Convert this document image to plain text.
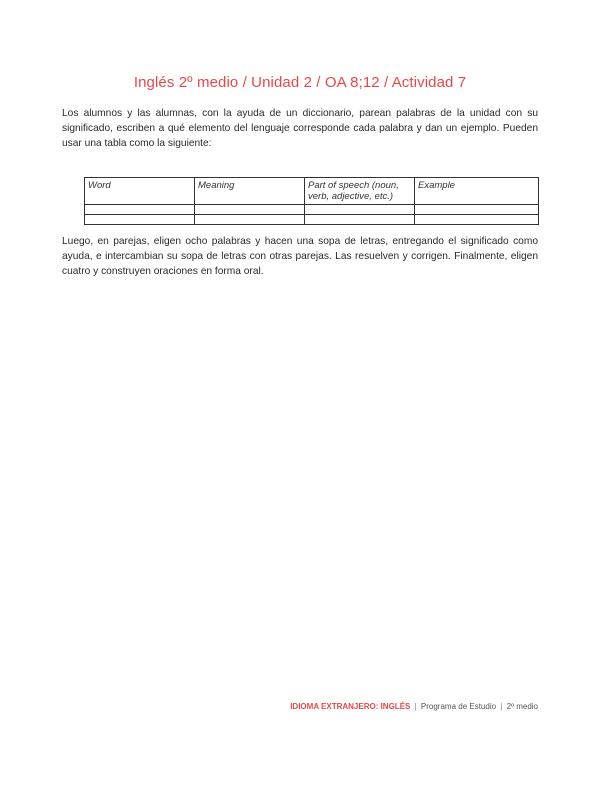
Inglés 2º medio / Unidad 2 / OA 8;12 / Actividad 7

Los alumnos y las alumnas, con la ayuda de un diccionario, parean palabras de la unidad con su significado, escriben a qué elemento del lenguaje corresponde cada palabra y dan un ejemplo. Pueden usar una tabla como la siguiente:

Word	Meaning	Part of speech (noun, verb, adjective, etc.)	Example

Luego, en parejas, eligen ocho palabras y hacen una sopa de letras, entregando el significado como ayuda, e intercambian su sopa de letras con otras parejas. Las resuelven y corrigen. Finalmente, eligen cuatro y construyen oraciones en forma oral.

IDIOMA EXTRANJERO: INGLÉS | Programa de Estudio | 2º medio
